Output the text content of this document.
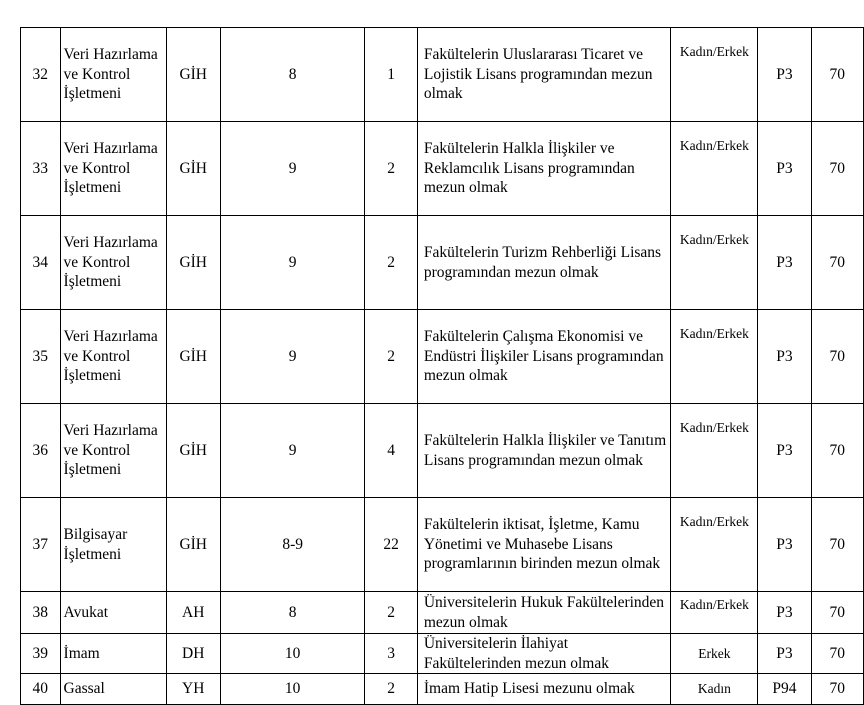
32	Veri Hazırlama ve Kontrol İşletmeni	GİH	8	1	Fakültelerin Uluslararası Ticaret ve Lojistik Lisans programından mezun olmak	Kadın/Erkek	P3	70
33	Veri Hazırlama ve Kontrol İşletmeni	GİH	9	2	Fakültelerin Halkla İlişkiler ve Reklamcılık Lisans programından mezun olmak	Kadın/Erkek	P3	70
34	Veri Hazırlama ve Kontrol İşletmeni	GİH	9	2	Fakültelerin Turizm Rehberliği Lisans programından mezun olmak	Kadın/Erkek	P3	70
35	Veri Hazırlama ve Kontrol İşletmeni	GİH	9	2	Fakültelerin Çalışma Ekonomisi ve Endüstri İlişkiler Lisans programından mezun olmak	Kadın/Erkek	P3	70
36	Veri Hazırlama ve Kontrol İşletmeni	GİH	9	4	Fakültelerin Halkla İlişkiler ve Tanıtım Lisans programından mezun olmak	Kadın/Erkek	P3	70
37	Bilgisayar İşletmeni	GİH	8-9	22	Fakültelerin iktisat, İşletme, Kamu Yönetimi ve Muhasebe Lisans programlarının birinden mezun olmak	Kadın/Erkek	P3	70
38	Avukat	AH	8	2	Üniversitelerin Hukuk Fakültelerinden mezun olmak	Kadın/Erkek	P3	70
39	İmam	DH	10	3	Üniversitelerin İlahiyat Fakültelerinden mezun olmak	Erkek	P3	70
40	Gassal	YH	10	2	İmam Hatip Lisesi mezunu olmak	Kadın	P94	70
